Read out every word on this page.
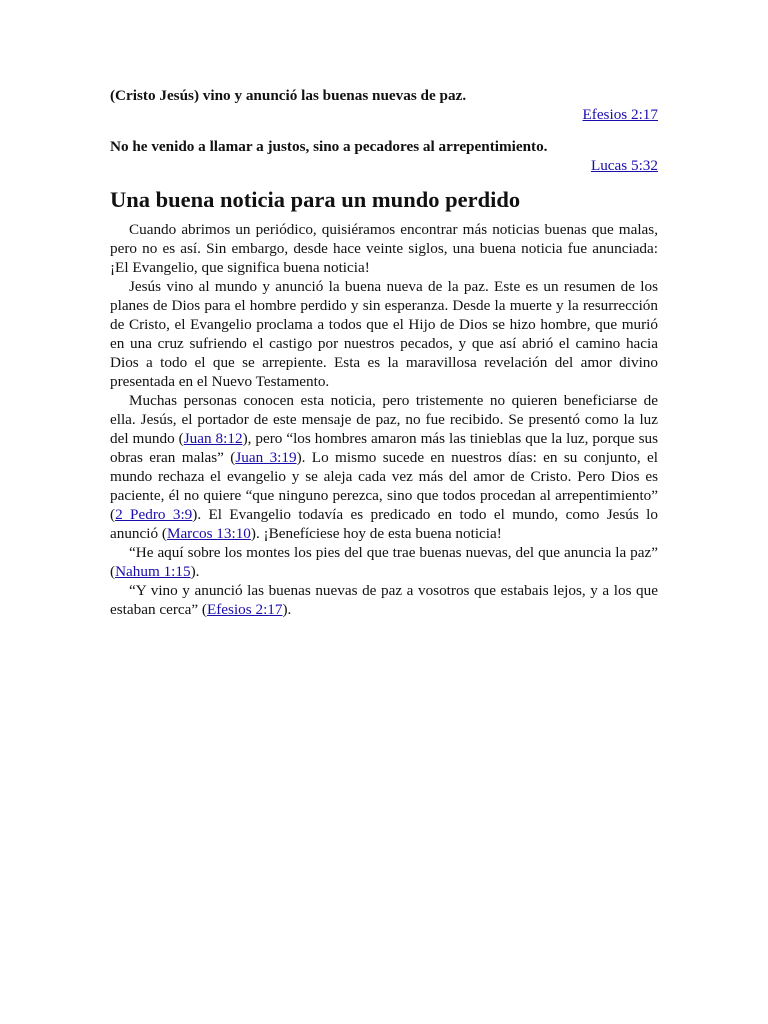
(Cristo Jesús) vino y anunció las buenas nuevas de paz.

Efesios 2:17

No he venido a llamar a justos, sino a pecadores al arrepentimiento.

Lucas 5:32

Una buena noticia para un mundo perdido

Cuando abrimos un periódico, quisiéramos encontrar más noticias buenas que malas, pero no es así. Sin embargo, desde hace veinte siglos, una buena noticia fue anunciada: ¡El Evangelio, que significa buena noticia!

Jesús vino al mundo y anunció la buena nueva de la paz. Este es un resumen de los planes de Dios para el hombre perdido y sin esperanza. Desde la muerte y la resurrección de Cristo, el Evangelio proclama a todos que el Hijo de Dios se hizo hombre, que murió en una cruz sufriendo el castigo por nuestros pecados, y que así abrió el camino hacia Dios a todo el que se arrepiente. Esta es la maravillosa revelación del amor divino presentada en el Nuevo Testamento.

Muchas personas conocen esta noticia, pero tristemente no quieren beneficiarse de ella. Jesús, el portador de este mensaje de paz, no fue recibido. Se presentó como la luz del mundo (Juan 8:12), pero “los hombres amaron más las tinieblas que la luz, porque sus obras eran malas” (Juan 3:19). Lo mismo sucede en nuestros días: en su conjunto, el mundo rechaza el evangelio y se aleja cada vez más del amor de Cristo. Pero Dios es paciente, él no quiere “que ninguno perezca, sino que todos procedan al arrepentimiento” (2 Pedro 3:9). El Evangelio todavía es predicado en todo el mundo, como Jesús lo anunció (Marcos 13:10). ¡Benefíciese hoy de esta buena noticia!

“He aquí sobre los montes los pies del que trae buenas nuevas, del que anuncia la paz” (Nahum 1:15).

“Y vino y anunció las buenas nuevas de paz a vosotros que estabais lejos, y a los que estaban cerca” (Efesios 2:17).
